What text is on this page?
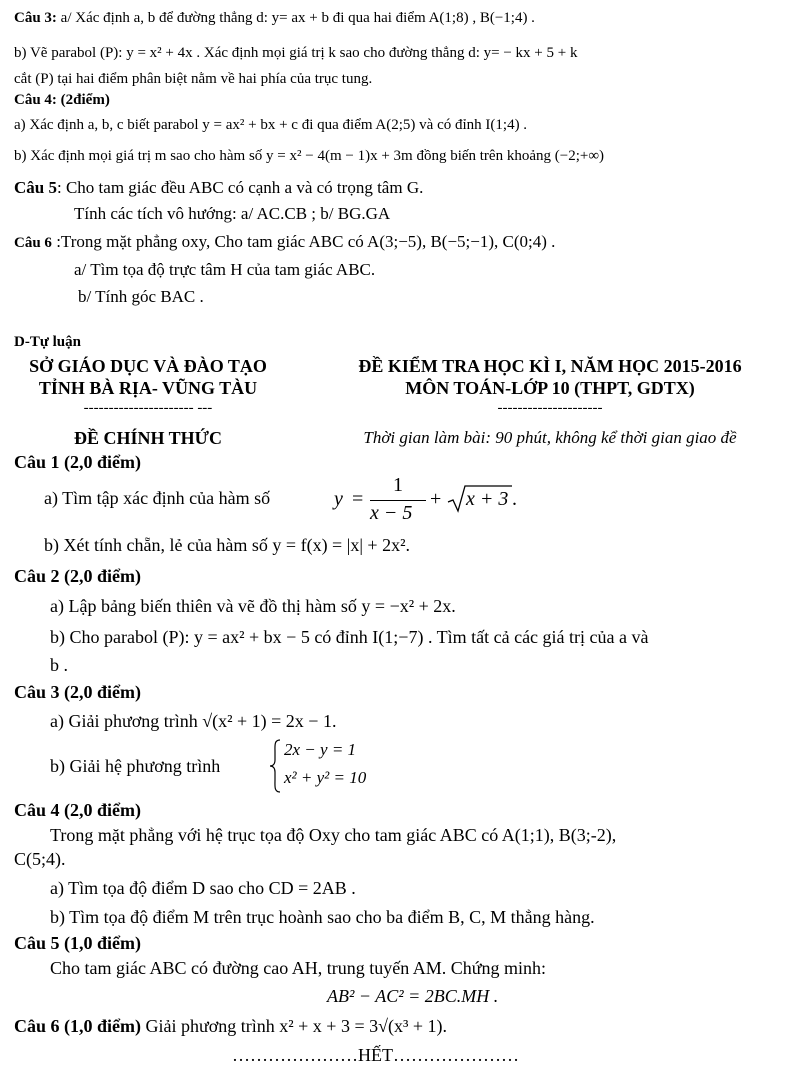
Câu 3: a/ Xác định a, b để đường thẳng d: y= ax + b đi qua hai điểm A(1;8) , B(−1;4) .
b) Vẽ parabol (P): y = x² + 4x . Xác định mọi giá trị k sao cho đường thẳng d: y= − kx + 5 + k
cắt (P) tại hai điểm phân biệt nằm về hai phía của trục tung.
Câu 4: (2điểm)
a) Xác định a, b, c biết parabol y = ax² + bx + c đi qua điểm A(2;5) và có đỉnh I(1;4) .
b) Xác định mọi giá trị m sao cho hàm số y = x² − 4(m − 1)x + 3m đồng biến trên khoảng (−2;+∞)
Câu 5: Cho tam giác đều ABC có cạnh a và có trọng tâm G.
Tính các tích vô hướng: a/ AC.CB ; b/ BG.GA
Câu 6 :Trong mặt phẳng oxy, Cho tam giác ABC có A(3;−5), B(−5;−1), C(0;4) .
a/ Tìm tọa độ trực tâm H của tam giác ABC.
b/ Tính góc BAC .
D-Tự luận
SỞ GIÁO DỤC VÀ ĐÀO TẠO
TỈNH BÀ RỊA- VŨNG TÀU
---------------------- ---
ĐỀ CHÍNH THỨC
ĐỀ KIỂM TRA HỌC KÌ I, NĂM HỌC 2015-2016
MÔN TOÁN-LỚP 10 (THPT, GDTX)
---------------------
Thời gian làm bài: 90 phút, không kể thời gian giao đề
Câu 1 (2,0 điểm)
a) Tìm tập xác định của hàm số	y =
1
x − 5
+ x + 3 .
b) Xét tính chẵn, lẻ của hàm số y = f(x) = |x| + 2x².
Câu 2 (2,0 điểm)
a) Lập bảng biến thiên và vẽ đồ thị hàm số y = −x² + 2x.
b) Cho parabol (P): y = ax² + bx − 5 có đỉnh I(1;−7) . Tìm tất cả các giá trị của a và
b .
Câu 3 (2,0 điểm)
a) Giải phương trình √(x² + 1) = 2x − 1.
b) Giải hệ phương trình
2x − y = 1
x² + y² = 10
Câu 4 (2,0 điểm)
Trong mặt phẳng với hệ trục tọa độ Oxy cho tam giác ABC có A(1;1), B(3;-2),
C(5;4).
a) Tìm tọa độ điểm D sao cho CD = 2AB .
b) Tìm tọa độ điểm M trên trục hoành sao cho ba điểm B, C, M thẳng hàng.
Câu 5 (1,0 điểm)
Cho tam giác ABC có đường cao AH, trung tuyến AM. Chứng minh:
AB² − AC² = 2BC.MH .
Câu 6 (1,0 điểm) Giải phương trình x² + x + 3 = 3√(x³ + 1).
…………………HẾT…………………
